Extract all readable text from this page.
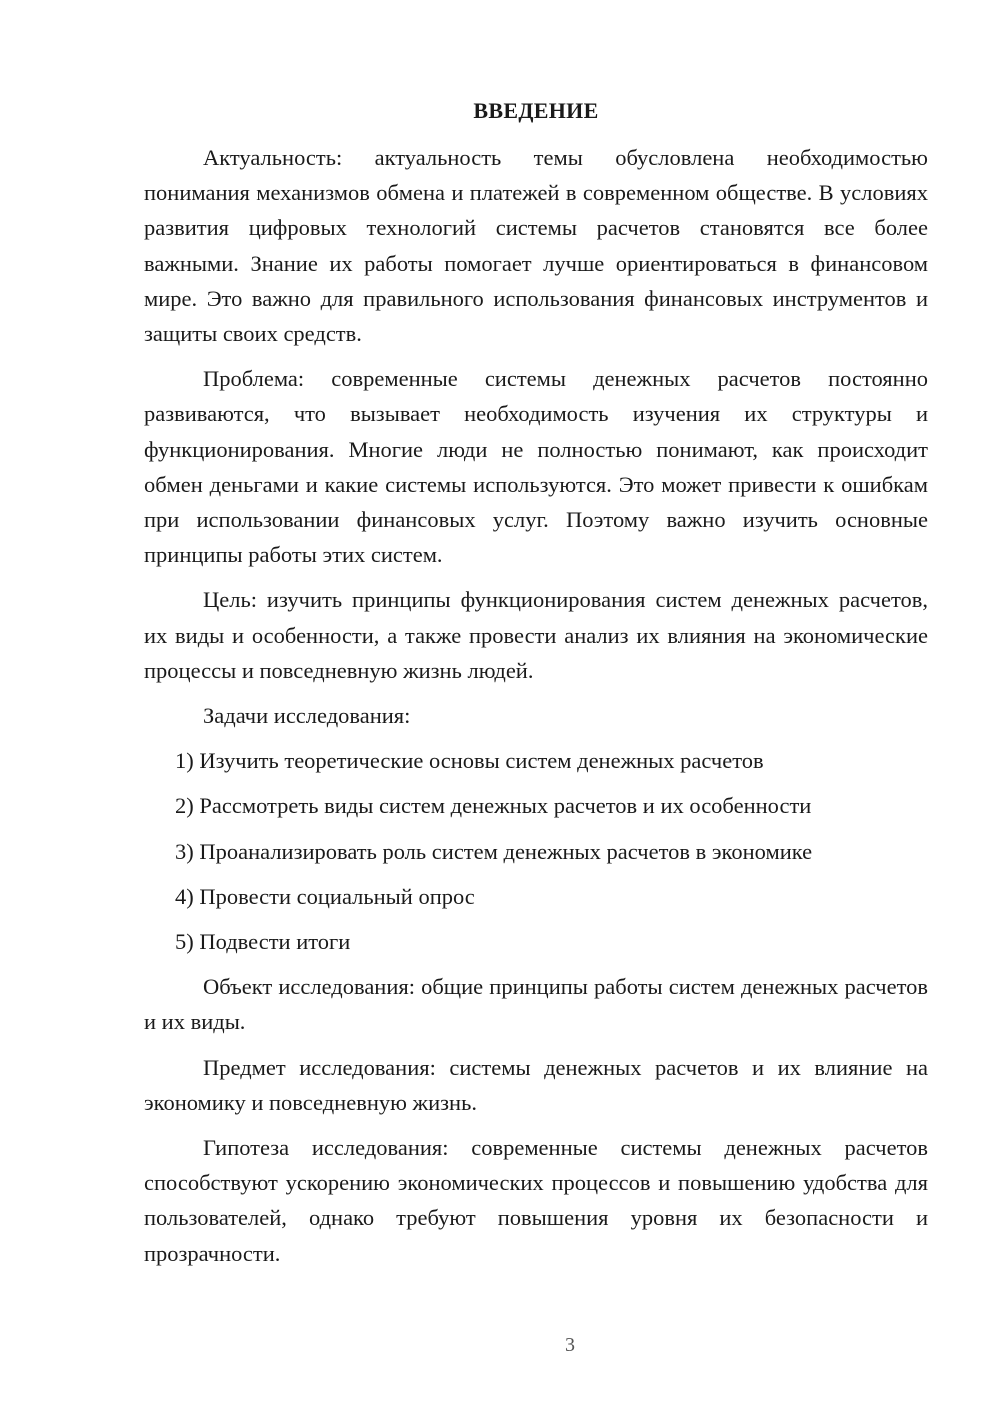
ВВЕДЕНИЕ

Актуальность: актуальность темы обусловлена необходимостью понимания механизмов обмена и платежей в современном обществе. В условиях развития цифровых технологий системы расчетов становятся все более важными. Знание их работы помогает лучше ориентироваться в финансовом мире. Это важно для правильного использования финансовых инструментов и защиты своих средств.

Проблема: современные системы денежных расчетов постоянно развиваются, что вызывает необходимость изучения их структуры и функционирования. Многие люди не полностью понимают, как происходит обмен деньгами и какие системы используются. Это может привести к ошибкам при использовании финансовых услуг. Поэтому важно изучить основные принципы работы этих систем.

Цель: изучить принципы функционирования систем денежных расчетов, их виды и особенности, а также провести анализ их влияния на экономические процессы и повседневную жизнь людей.

Задачи исследования:

1) Изучить теоретические основы систем денежных расчетов
2) Рассмотреть виды систем денежных расчетов и их особенности
3) Проанализировать роль систем денежных расчетов в экономике
4) Провести социальный опрос
5) Подвести итоги

Объект исследования: общие принципы работы систем денежных расчетов и их виды.

Предмет исследования: системы денежных расчетов и их влияние на экономику и повседневную жизнь.

Гипотеза исследования: современные системы денежных расчетов способствуют ускорению экономических процессов и повышению удобства для пользователей, однако требуют повышения уровня их безопасности и прозрачности.

3
